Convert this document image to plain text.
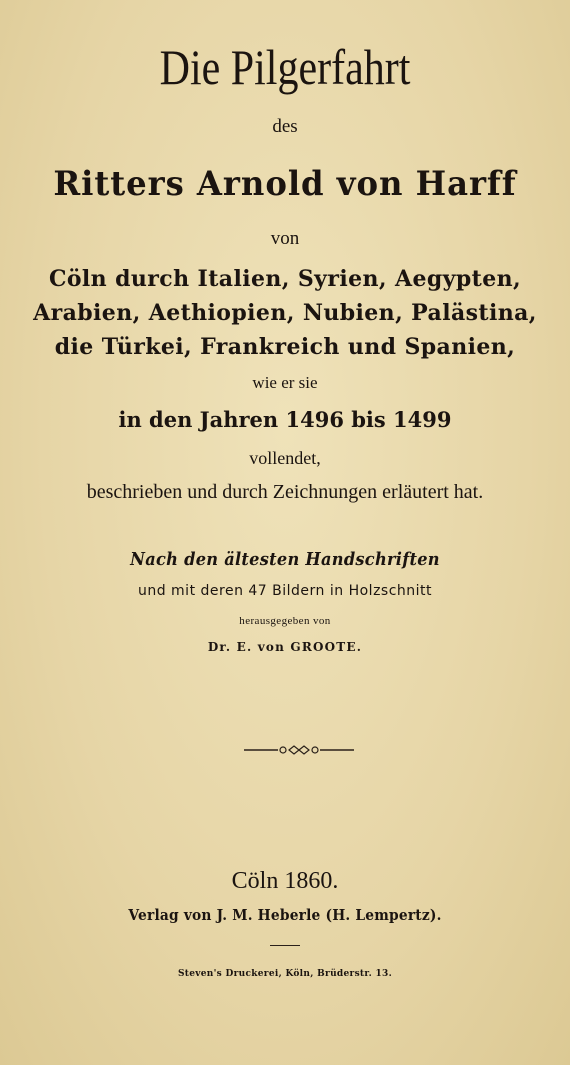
Die Pilgerfahrt
des
Ritters Arnold von Harff
von
Cöln durch Italien, Syrien, Aegypten,
Arabien, Aethiopien, Nubien, Palästina,
die Türkei, Frankreich und Spanien,
wie er sie
in den Jahren 1496 bis 1499
vollendet,
beschrieben und durch Zeichnungen erläutert hat.
Nach den ältesten Handschriften
und mit deren 47 Bildern in Holzschnitt
herausgegeben von
Dr. E. von GROOTE.
Cöln 1860.
Verlag von J. M. Heberle (H. Lempertz).
Steven's Druckerei, Köln, Brüderstr. 13.
